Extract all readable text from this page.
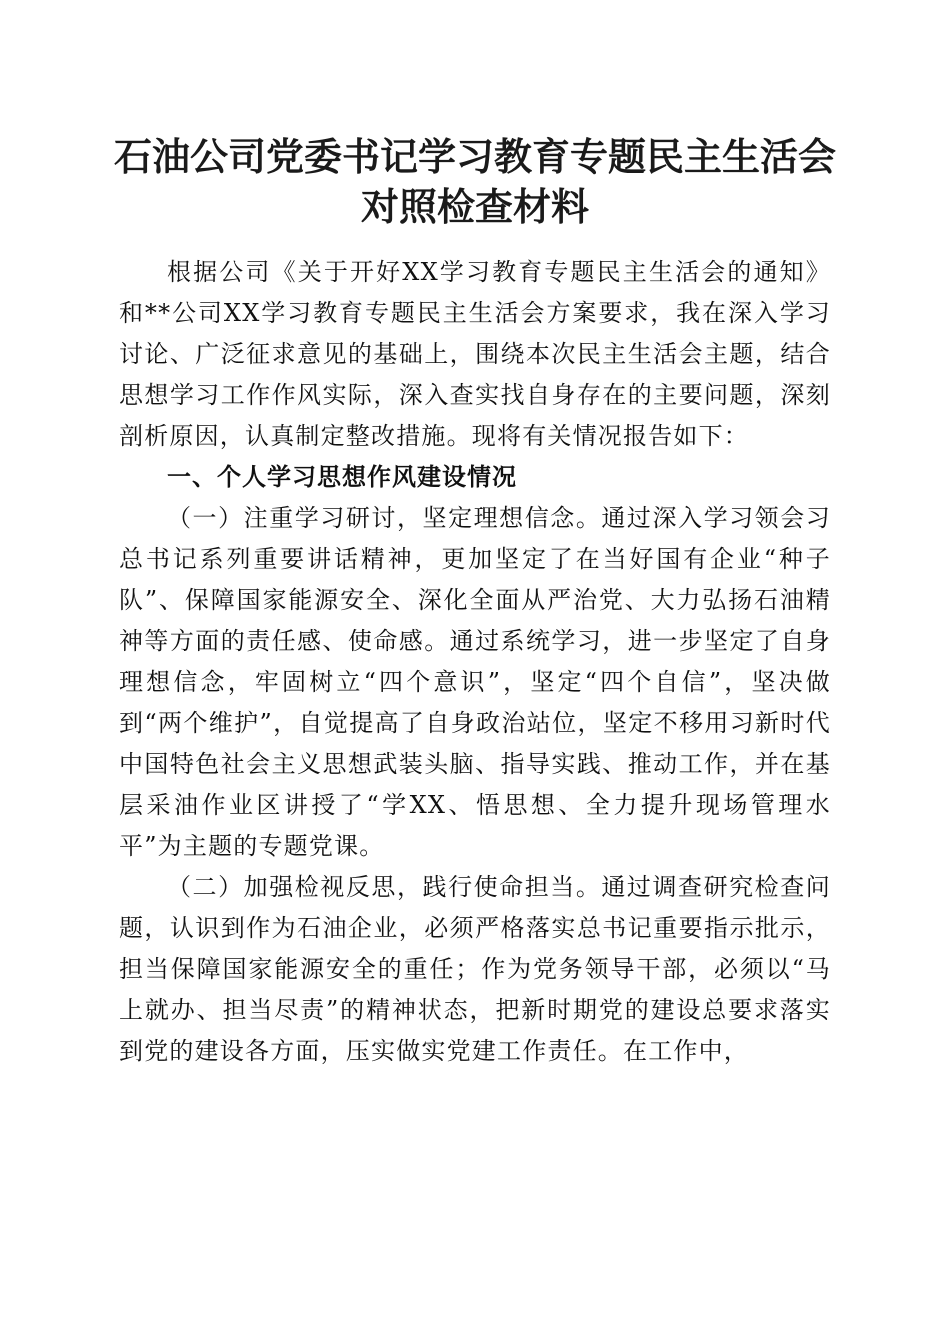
石油公司党委书记学习教育专题民主生活会对照检查材料

根据公司《关于开好XX学习教育专题民主生活会的通知》和**公司XX学习教育专题民主生活会方案要求，我在深入学习讨论、广泛征求意见的基础上，围绕本次民主生活会主题，结合思想学习工作作风实际，深入查实找自身存在的主要问题，深刻剖析原因，认真制定整改措施。现将有关情况报告如下：

一、个人学习思想作风建设情况

（一）注重学习研讨，坚定理想信念。通过深入学习领会习总书记系列重要讲话精神，更加坚定了在当好国有企业“种子队”、保障国家能源安全、深化全面从严治党、大力弘扬石油精神等方面的责任感、使命感。通过系统学习，进一步坚定了自身理想信念，牢固树立“四个意识”，坚定“四个自信”，坚决做到“两个维护”，自觉提高了自身政治站位，坚定不移用习新时代中国特色社会主义思想武装头脑、指导实践、推动工作，并在基层采油作业区讲授了“学XX、悟思想、全力提升现场管理水平”为主题的专题党课。

（二）加强检视反思，践行使命担当。通过调查研究检查问题，认识到作为石油企业，必须严格落实总书记重要指示批示，担当保障国家能源安全的重任；作为党务领导干部，必须以“马上就办、担当尽责”的精神状态，把新时期党的建设总要求落实到党的建设各方面，压实做实党建工作责任。在工作中，
